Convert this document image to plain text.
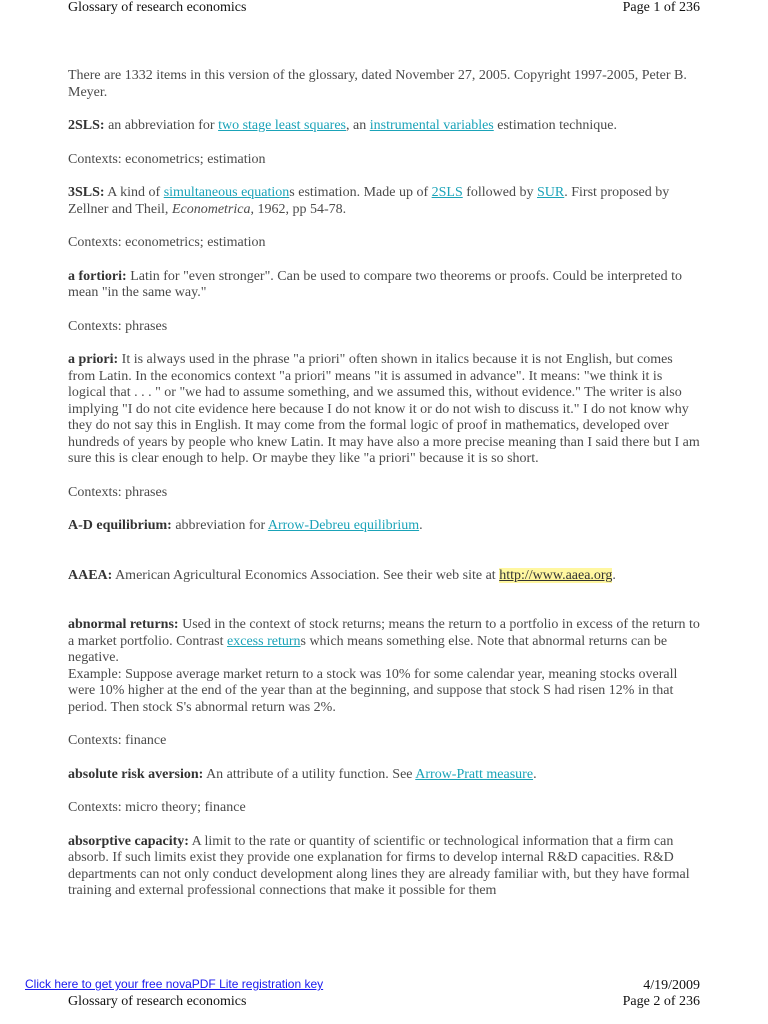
Glossary of research economics	Page 1 of 236

There are 1332 items in this version of the glossary, dated November 27, 2005. Copyright 1997-2005, Peter B. Meyer.

2SLS: an abbreviation for two stage least squares, an instrumental variables estimation technique.

Contexts: econometrics; estimation

3SLS: A kind of simultaneous equations estimation. Made up of 2SLS followed by SUR. First proposed by Zellner and Theil, Econometrica, 1962, pp 54-78.

Contexts: econometrics; estimation

a fortiori: Latin for "even stronger". Can be used to compare two theorems or proofs. Could be interpreted to mean "in the same way."

Contexts: phrases

a priori: It is always used in the phrase "a priori" often shown in italics because it is not English, but comes from Latin. In the economics context "a priori" means "it is assumed in advance". It means: "we think it is logical that . . . " or "we had to assume something, and we assumed this, without evidence." The writer is also implying "I do not cite evidence here because I do not know it or do not wish to discuss it." I do not know why they do not say this in English. It may come from the formal logic of proof in mathematics, developed over hundreds of years by people who knew Latin. It may have also a more precise meaning than I said there but I am sure this is clear enough to help. Or maybe they like "a priori" because it is so short.

Contexts: phrases

A-D equilibrium: abbreviation for Arrow-Debreu equilibrium.

AAEA: American Agricultural Economics Association. See their web site at http://www.aaea.org.

abnormal returns: Used in the context of stock returns; means the return to a portfolio in excess of the return to a market portfolio. Contrast excess returns which means something else. Note that abnormal returns can be negative.

Example: Suppose average market return to a stock was 10% for some calendar year, meaning stocks overall were 10% higher at the end of the year than at the beginning, and suppose that stock S had risen 12% in that period. Then stock S's abnormal return was 2%.

Contexts: finance

absolute risk aversion: An attribute of a utility function. See Arrow-Pratt measure.

Contexts: micro theory; finance

absorptive capacity: A limit to the rate or quantity of scientific or technological information that a firm can absorb. If such limits exist they provide one explanation for firms to develop internal R&D capacities. R&D departments can not only conduct development along lines they are already familiar with, but they have formal training and external professional connections that make it possible for them

Click here to get your free novaPDF Lite registration key	4/19/2009
Glossary of research economics	Page 2 of 236
